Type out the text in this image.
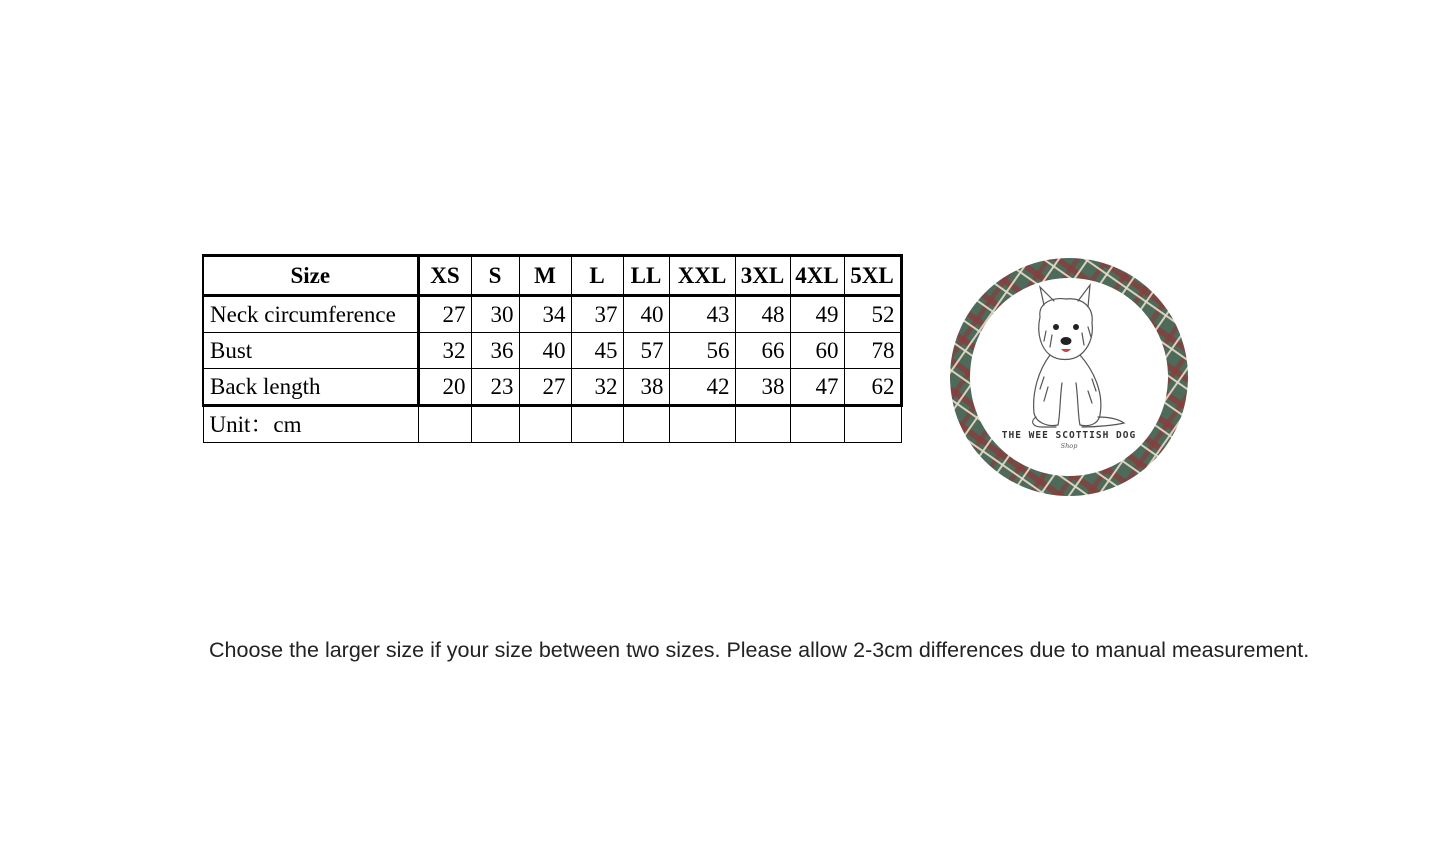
Size	XS	S	M	L	LL	XXL	3XL	4XL	5XL
Neck circumference	27	30	34	37	40	43	48	49	52
Bust	32	36	40	45	57	56	66	60	78
Back length	20	23	27	32	38	42	38	47	62
Unit：cm										THE WEE SCOTTISH DOG
Shop

Choose the larger size if your size between two sizes. Please allow 2-3cm differences due to manual measurement.
